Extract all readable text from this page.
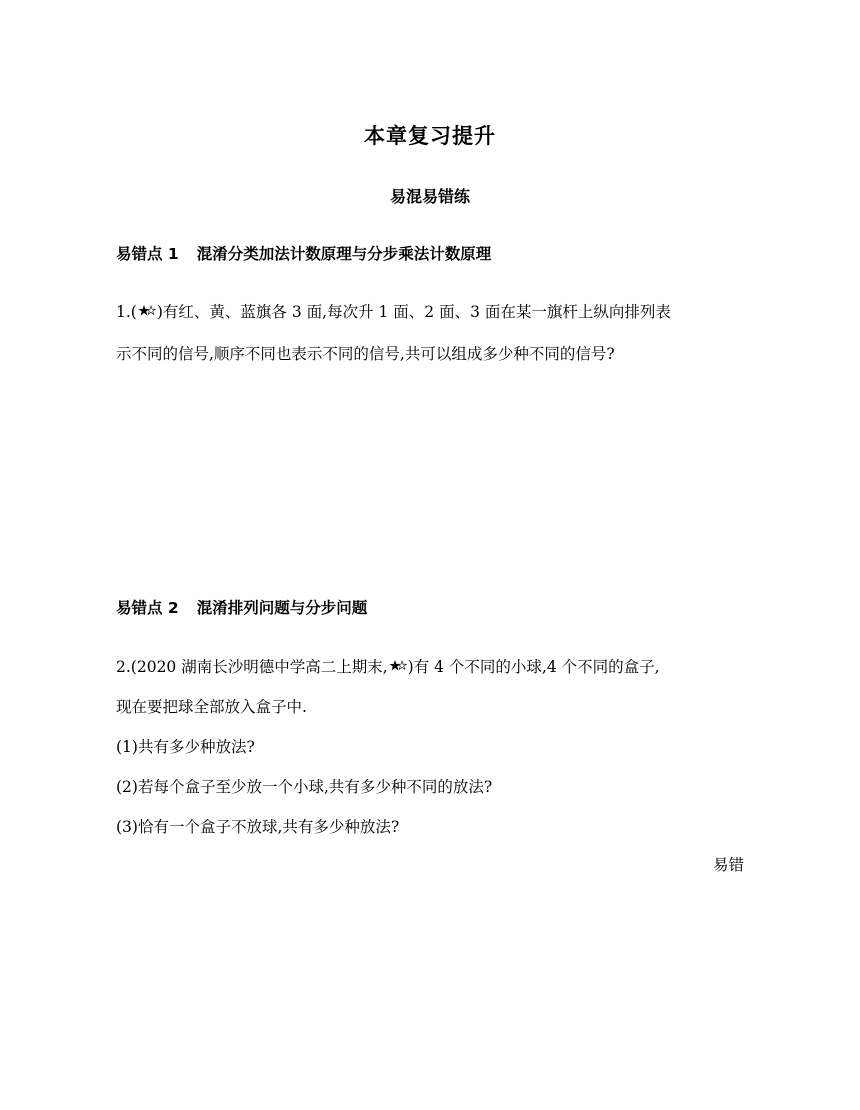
本章复习提升
易混易错练
易错点 1 混淆分类加法计数原理与分步乘法计数原理
1.( )有红、黄、蓝旗各 3 面,每次升 1 面、2 面、3 面在某一旗杆上纵向排列表
示不同的信号,顺序不同也表示不同的信号,共可以组成多少种不同的信号?
易错点 2 混淆排列问题与分步问题
2.(2020 湖南长沙明德中学高二上期末, )有 4 个不同的小球,4 个不同的盒子,
现在要把球全部放入盒子中.
(1)共有多少种放法?
(2)若每个盒子至少放一个小球,共有多少种不同的放法?
(3)恰有一个盒子不放球,共有多少种放法?
易错
